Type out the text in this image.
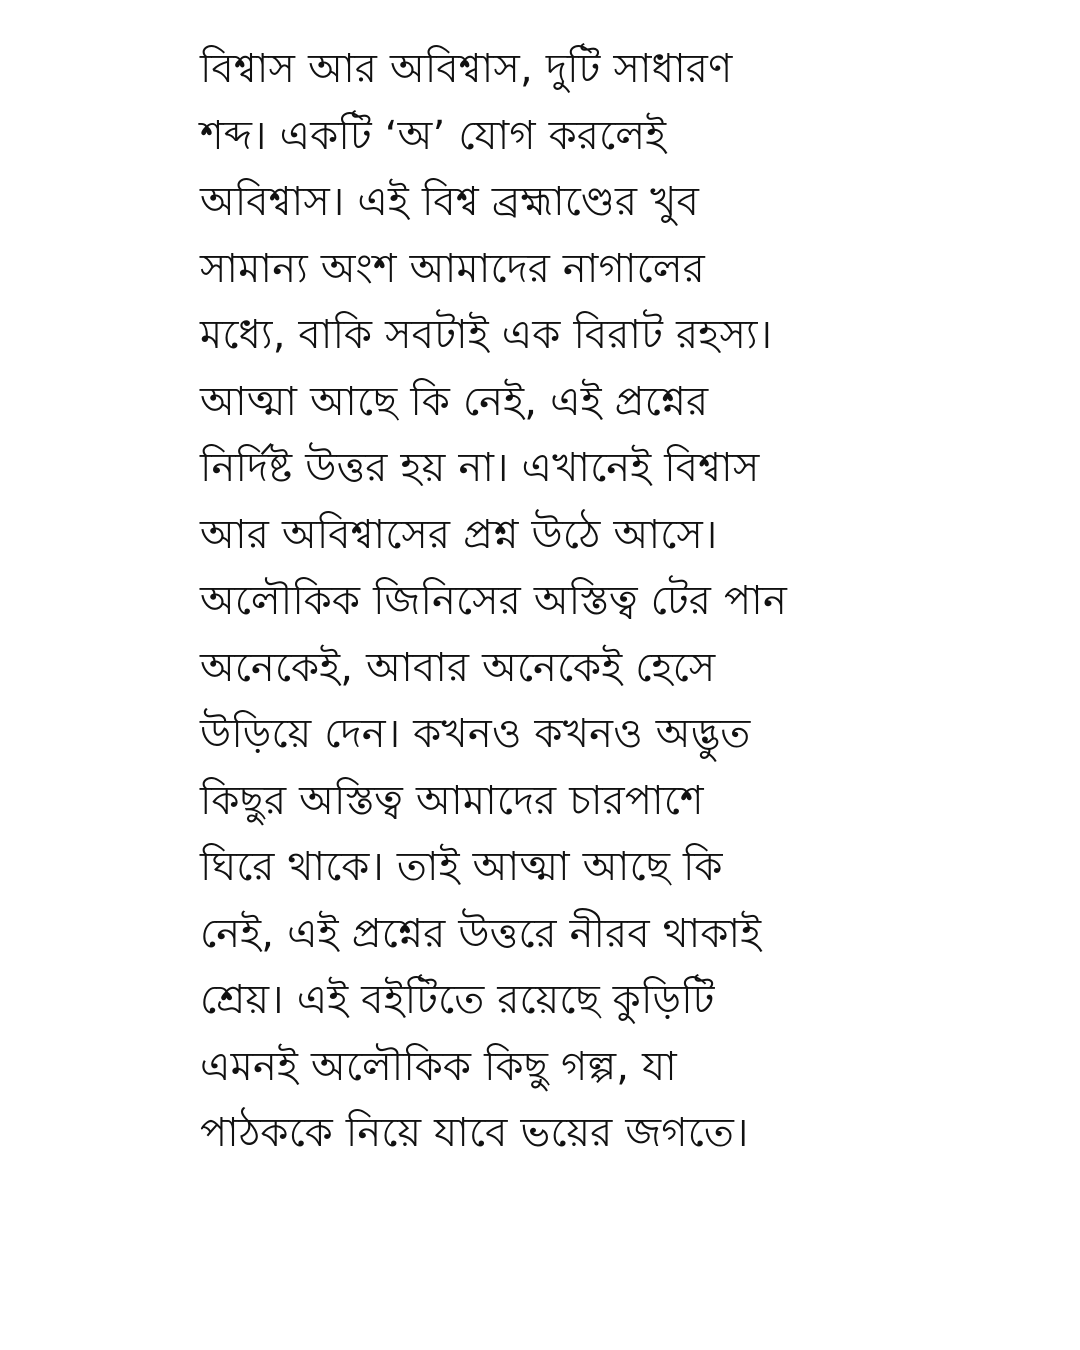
বিশ্বাস আর অবিশ্বাস, দুটি সাধারণ
শব্দ। একটি ‘অ’ যোগ করলেই
অবিশ্বাস। এই বিশ্ব ব্রহ্মাণ্ডের খুব
সামান্য অংশ আমাদের নাগালের
মধ্যে, বাকি সবটাই এক বিরাট রহস্য।
আত্মা আছে কি নেই, এই প্রশ্নের
নির্দিষ্ট উত্তর হয় না। এখানেই বিশ্বাস
আর অবিশ্বাসের প্রশ্ন উঠে আসে।
অলৌকিক জিনিসের অস্তিত্ব টের পান
অনেকেই, আবার অনেকেই হেসে
উড়িয়ে দেন। কখনও কখনও অদ্ভুত
কিছুর অস্তিত্ব আমাদের চারপাশে
ঘিরে থাকে। তাই আত্মা আছে কি
নেই, এই প্রশ্নের উত্তরে নীরব থাকাই
শ্রেয়। এই বইটিতে রয়েছে কুড়িটি
এমনই অলৌকিক কিছু গল্প, যা
পাঠককে নিয়ে যাবে ভয়ের জগতে।
